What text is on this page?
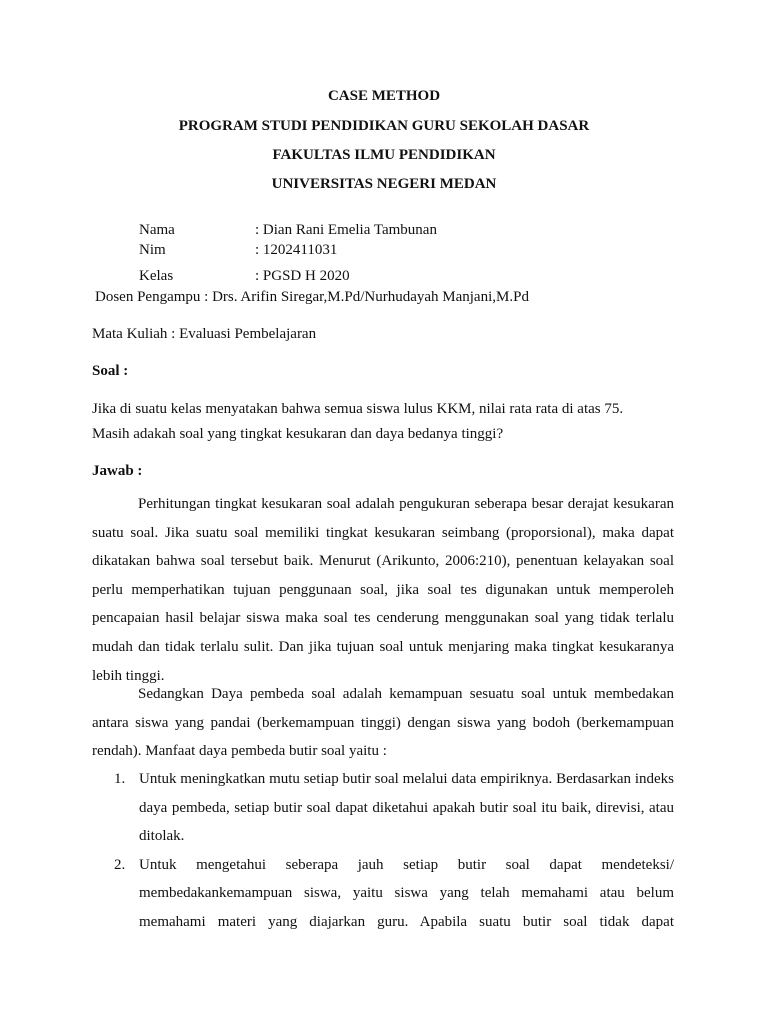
CASE METHOD
PROGRAM STUDI PENDIDIKAN GURU SEKOLAH DASAR
FAKULTAS ILMU PENDIDIKAN
UNIVERSITAS NEGERI MEDAN
Nama	: Dian Rani Emelia Tambunan
Nim	: 1202411031
Kelas	: PGSD H 2020
Dosen Pengampu : Drs. Arifin Siregar,M.Pd/Nurhudayah Manjani,M.Pd
Mata Kuliah : Evaluasi Pembelajaran
Soal :
Jika di suatu kelas menyatakan bahwa semua siswa lulus KKM, nilai rata rata di atas 75.
Masih adakah soal yang tingkat kesukaran dan daya bedanya tinggi?
Jawab :

Perhitungan tingkat kesukaran soal adalah pengukuran seberapa besar derajat kesukaran suatu soal. Jika suatu soal memiliki tingkat kesukaran seimbang (proporsional), maka dapat dikatakan bahwa soal tersebut baik. Menurut (Arikunto, 2006:210), penentuan kelayakan soal perlu memperhatikan tujuan penggunaan soal, jika soal tes digunakan untuk memperoleh pencapaian hasil belajar siswa maka soal tes cenderung menggunakan soal yang tidak terlalu mudah dan tidak terlalu sulit. Dan jika tujuan soal untuk menjaring maka tingkat kesukaranya lebih tinggi.

Sedangkan Daya pembeda soal adalah kemampuan sesuatu soal untuk membedakan antara siswa yang pandai (berkemampuan tinggi) dengan siswa yang bodoh (berkemampuan rendah). Manfaat daya pembeda butir soal yaitu :

1. Untuk meningkatkan mutu setiap butir soal melalui data empiriknya. Berdasarkan indeks daya pembeda, setiap butir soal dapat diketahui apakah butir soal itu baik, direvisi, atau ditolak.
2. Untuk mengetahui seberapa jauh setiap butir soal dapat mendeteksi/ membedakankemampuan siswa, yaitu siswa yang telah memahami atau belum memahami materi yang diajarkan guru. Apabila suatu butir soal tidak dapat
